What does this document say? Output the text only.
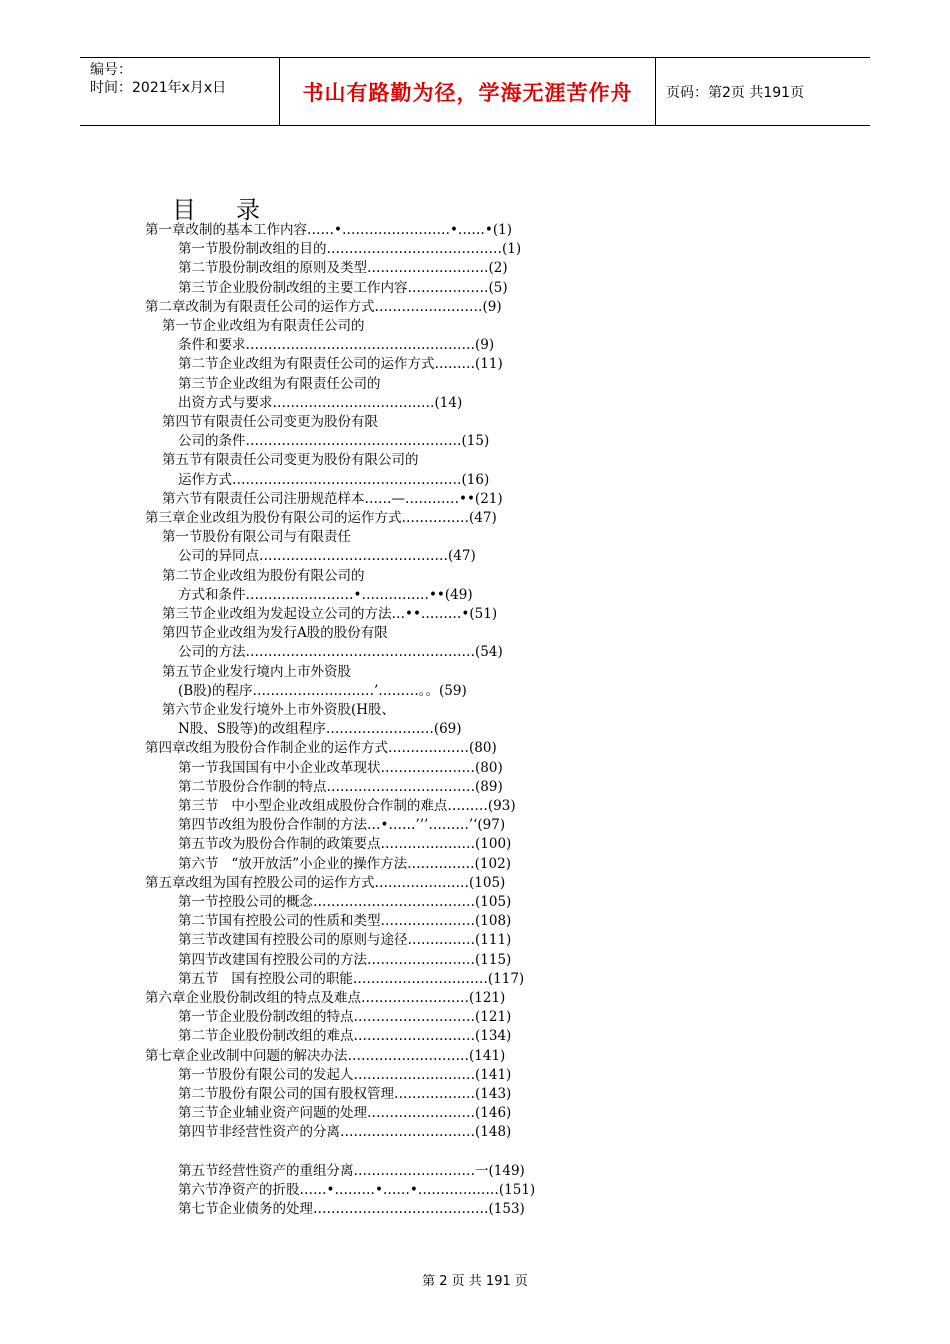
编号：
时间：2021年x月x日	书山有路勤为径，学海无涯苦作舟	页码：第2页 共191页
目录
第一章改制的基本工作内容……•……………………•……•(1)
第一节股份制改组的目的…………………………………(1)
第二节股份制改组的原则及类型………………………(2)
第三节企业股份制改组的主要工作内容………………(5)
第二章改制为有限责任公司的运作方式……………………(9)
第一节企业改组为有限责任公司的
条件和要求……………………………………………(9)
第二节企业改组为有限责任公司的运作方式………(11)
第三节企业改组为有限责任公司的
出资方式与要求………………………………(14)
第四节有限责任公司变更为股份有限
公司的条件…………………………………………(15)
第五节有限责任公司变更为股份有限公司的
运作方式……………………………………………(16)
第六节有限责任公司注册规范样本……—…………••(21)
第三章企业改组为股份有限公司的运作方式……………(47)
第一节股份有限公司与有限责任
公司的异同点……………………………………(47)
第二节企业改组为股份有限公司的
方式和条件……………………•……………••(49)
第三节企业改组为发起设立公司的方法…••………•(51)
第四节企业改组为发行A股的股份有限
公司的方法……………………………………………(54)
第五节企业发行境内上市外资股
(B股)的程序………………………’………。。(59)
第六节企业发行境外上市外资股(H股、
N股、S股等)的改组程序……………………(69)
第四章改组为股份合作制企业的运作方式………………(80)
第一节我国国有中小企业改革现状…………………(80)
第二节股份合作制的特点……………………………(89)
第三节   中小型企业改组成股份合作制的难点………(93)
第四节改组为股份合作制的方法…•……’’’………’‘(97)
第五节改为股份合作制的政策要点…………………(100)
第六节   “放开放活”小企业的操作方法……………(102)
第五章改组为国有控股公司的运作方式…………………(105)
第一节控股公司的概念………………………………(105)
第二节国有控股公司的性质和类型…………………(108)
第三节改建国有控股公司的原则与途径……………(111)
第四节改建国有控股公司的方法……………………(115)
第五节   国有控股公司的职能…………………………(117)
第六章企业股份制改组的特点及难点……………………(121)
第一节企业股份制改组的特点………………………(121)
第二节企业股份制改组的难点………………………(134)
第七章企业改制中问题的解决办法………………………(141)
第一节股份有限公司的发起人………………………(141)
第二节股份有限公司的国有股权管理………………(143)
第三节企业辅业资产问题的处理……………………(146)
第四节非经营性资产的分离…………………………(148)
第五节经营性资产的重组分离………………………一(149)
第六节净资产的折股……•………•……•………………(151)
第七节企业债务的处理…………………………………(153)
第 2 页 共 191 页
